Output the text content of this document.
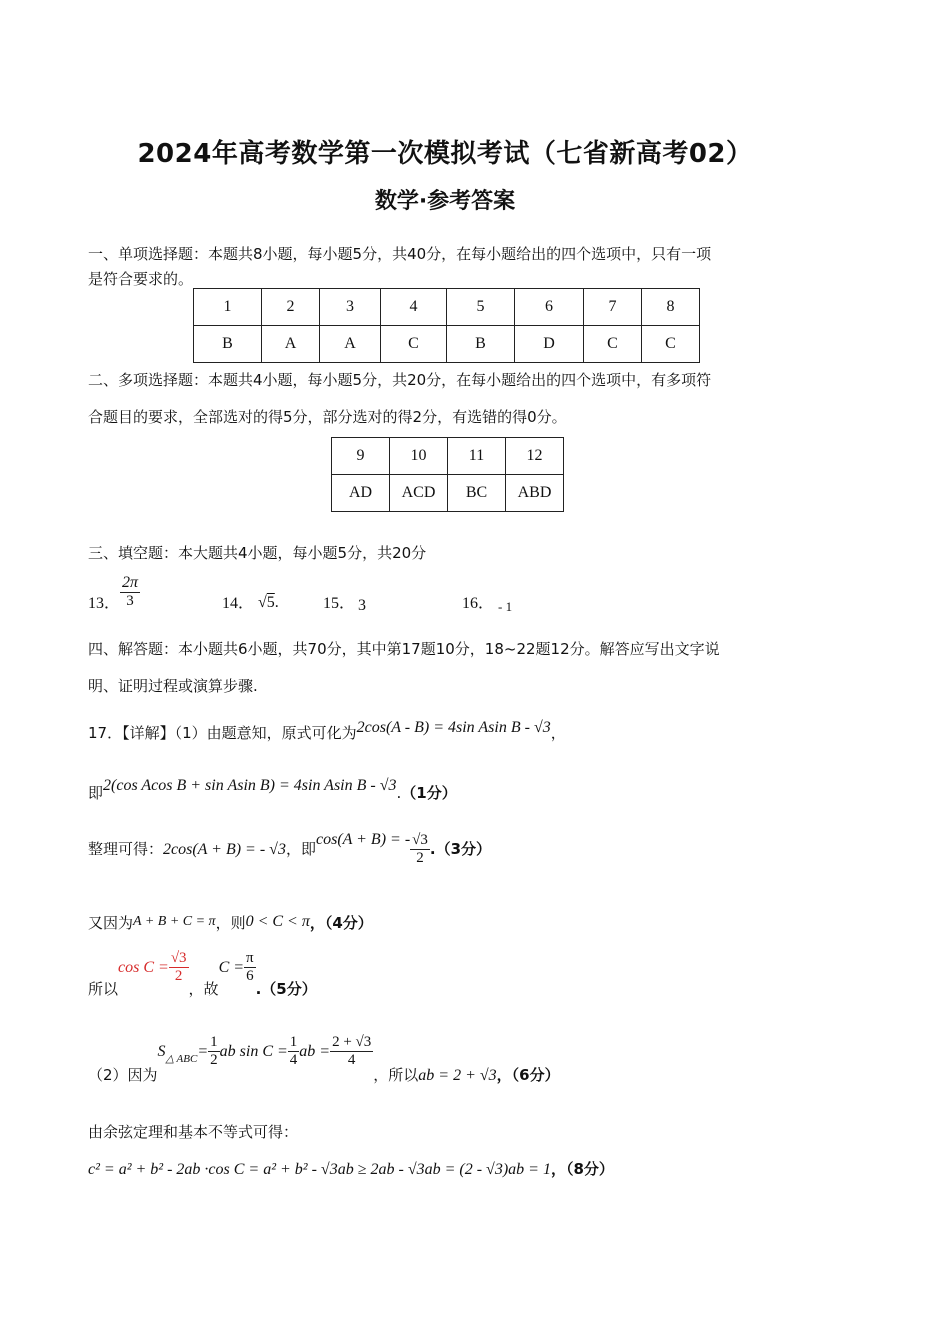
2024年高考数学第一次模拟考试（七省新高考02）
数学·参考答案
一、单项选择题：本题共8小题，每小题5分，共40分，在每小题给出的四个选项中，只有一项
是符合要求的。
1	2	3	4	5	6	7	8
B	A	A	C	B	D	C	C
二、多项选择题：本题共4小题，每小题5分，共20分，在每小题给出的四个选项中，有多项符
合题目的要求，全部选对的得5分，部分选对的得2分，有选错的得0分。
9	10	11	12
AD	ACD	BC	ABD
三、填空题：本大题共4小题，每小题5分，共20分
13． $\frac{2\pi}{3}$	14． √5.	15． 3	16． - 1
四、解答题：本小题共6小题，共70分，其中第17题10分，18~22题12分。解答应写出文字说
明、证明过程或演算步骤.
17．【详解】（1）由题意知，原式可化为2cos(A - B) = 4sin Asin B - √3，
即2(cos Acos B + sin Asin B) = 4sin Asin B - √3.（1分）
整理可得：2cos(A + B) = - √3，即cos(A + B) = - $\frac{√3}{2} .(3$分）
又因为A + B + C = π，则0 < C < π，（4分）
所以$\cos C = \frac{√3}{2}$
，故$C = \frac{\pi}{6}$
.（5分）
（2）因为$S_{\triangle ABC}= \frac{1}{2}$ ab $\sin C = \frac{1}{4}$ ab = $\frac{2 + √3}{4}$
，所以ab = 2 + √3，（6分）
由余弦定理和基本不等式可得：
c² = a² + b² - 2ab ·cos C = a² + b² - √3ab ≥ 2ab - √3ab = (2 - √3)ab = 1，（8分）
